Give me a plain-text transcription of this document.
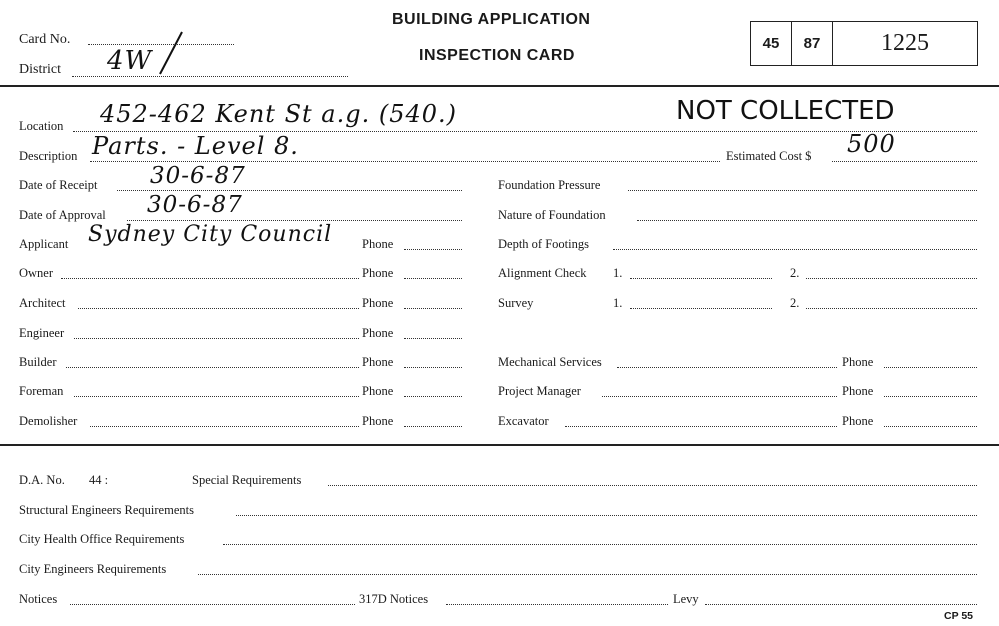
Card No.
District 4W
BUILDING APPLICATION
INSPECTION CARD
45	87	1225
Location 452-462 Kent St a.g. (540.)	NOT COLLECTED
Description Parts. - Level 8.	Estimated Cost $ 500
Date of Receipt 30-6-87
Date of Approval 30-6-87
Applicant Sydney City Council Phone
Owner	Phone
Architect	Phone
Engineer	Phone
Builder	Phone
Foreman	Phone
Demolisher	Phone
Foundation Pressure
Nature of Foundation
Depth of Footings
Alignment Check 1.	2.
Survey	1.	2.
Mechanical Services	Phone
Project Manager	Phone
Excavator	Phone
D.A. No. 44 :	Special Requirements
Structural Engineers Requirements
City Health Office Requirements
City Engineers Requirements
Notices	317D Notices	Levy
CP 55
